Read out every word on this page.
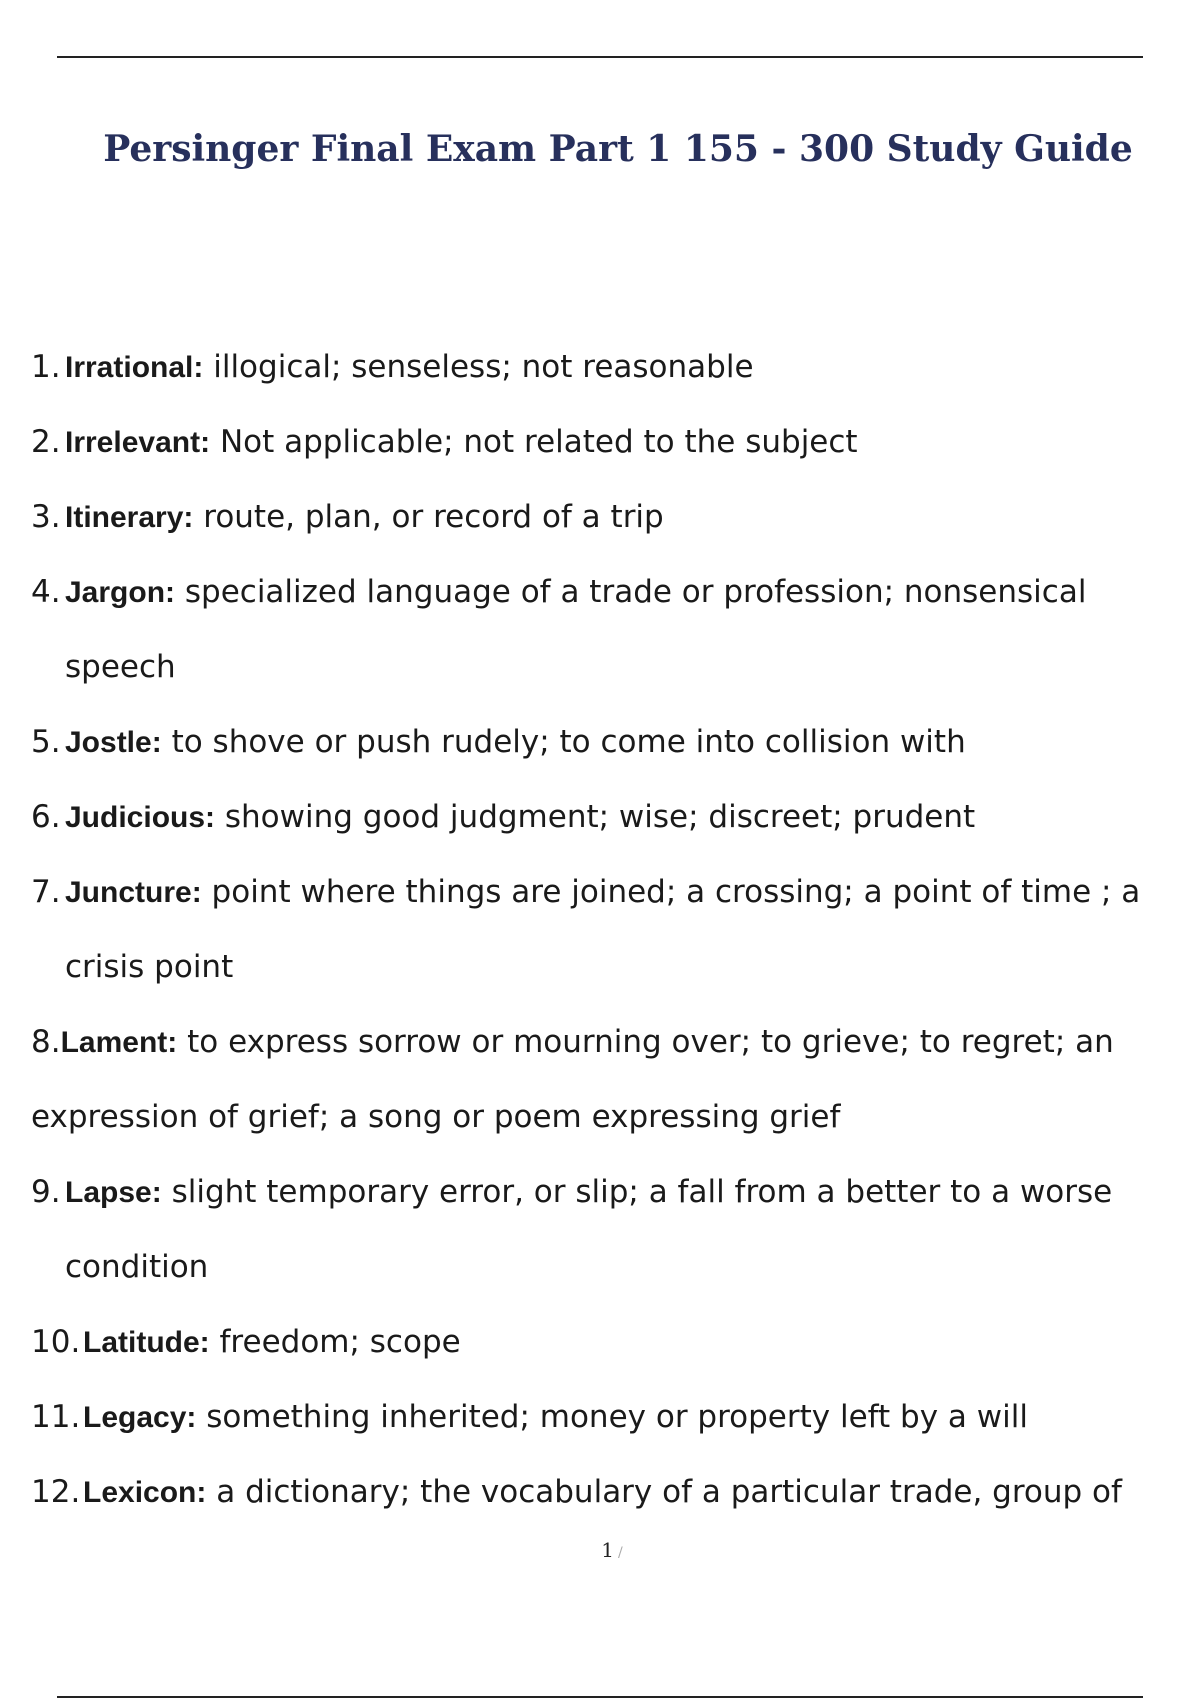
Persinger Final Exam Part 1 155 - 300 Study Guide
1. Irrational: illogical; senseless; not reasonable
2. Irrelevant: Not applicable; not related to the subject
3. Itinerary: route, plan, or record of a trip
4. Jargon: specialized language of a trade or profession; nonsensical speech
5. Jostle: to shove or push rudely; to come into collision with
6. Judicious: showing good judgment; wise; discreet; prudent
7. Juncture: point where things are joined; a crossing; a point of time ; a crisis point
8.Lament: to express sorrow or mourning over; to grieve; to regret; an expression of grief; a song or poem expressing grief
9. Lapse: slight temporary error, or slip; a fall from a better to a worse condition
10. Latitude: freedom; scope
11. Legacy: something inherited; money or property left by a will
12. Lexicon: a dictionary; the vocabulary of a particular trade, group of
1 /
